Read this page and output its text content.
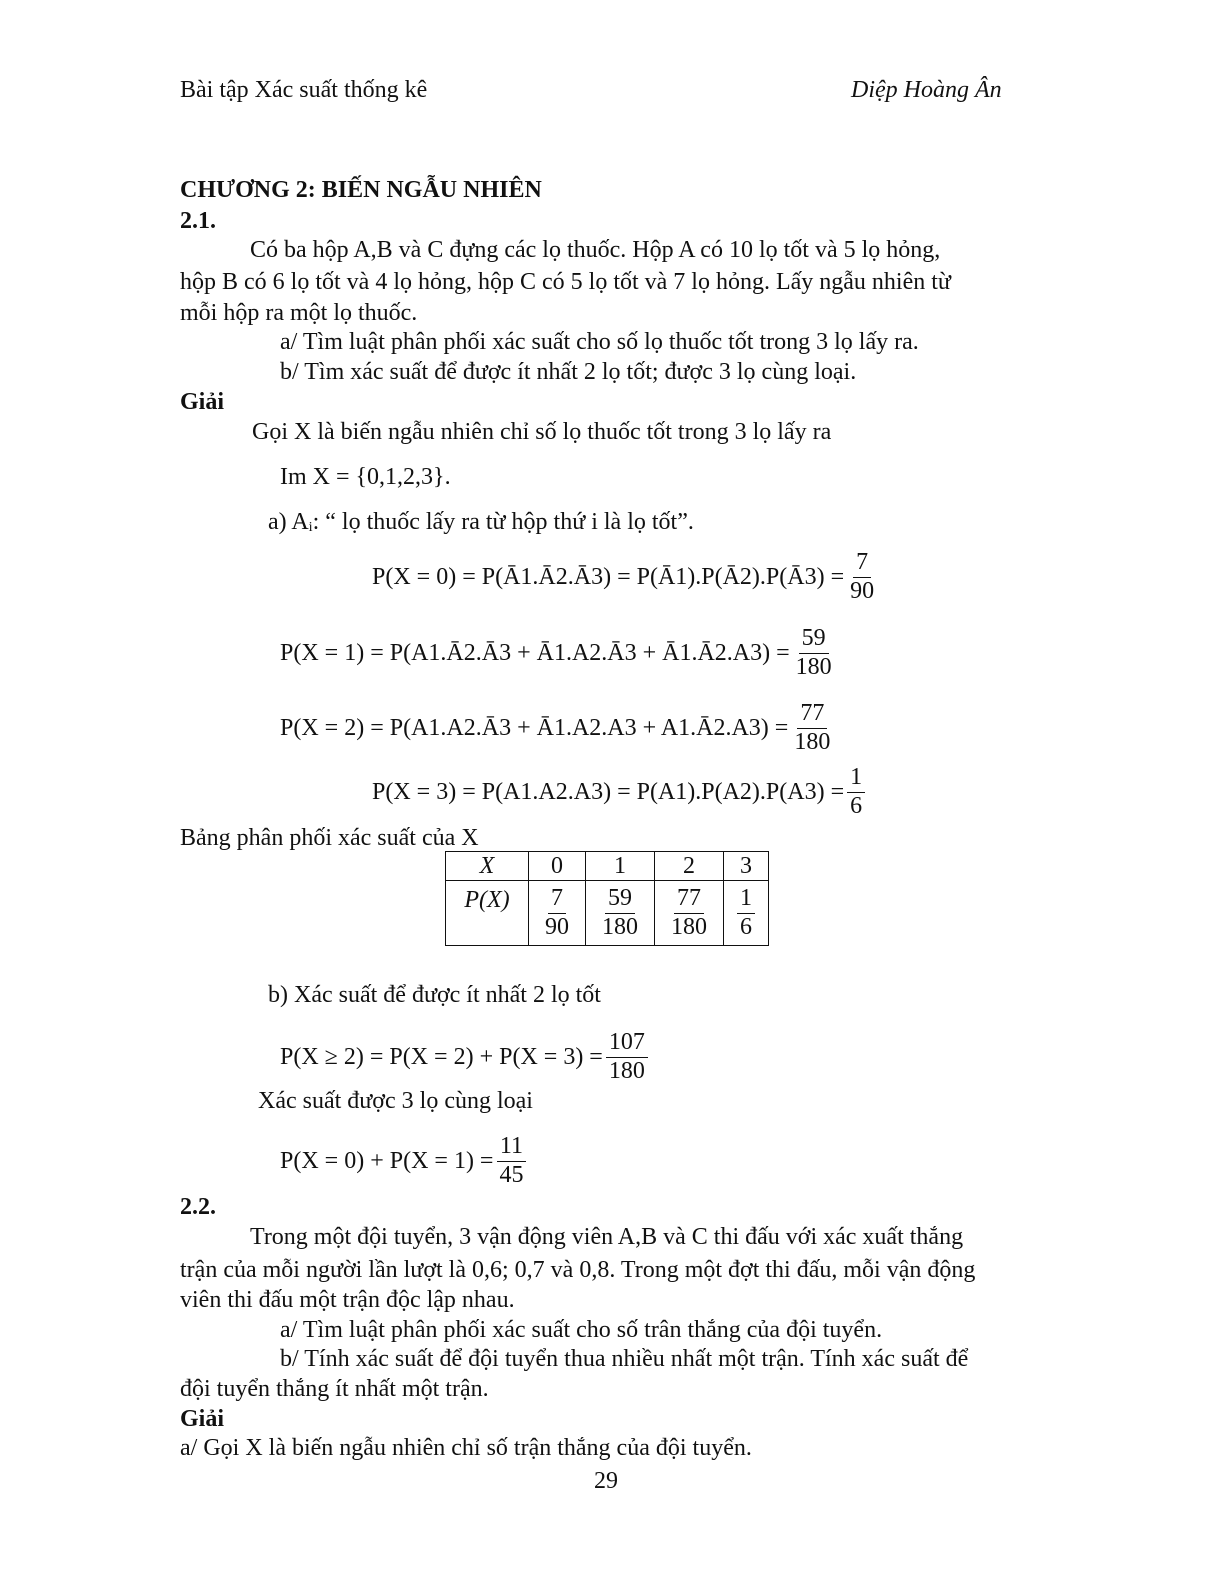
Bài tập Xác suất thống kê	Diệp Hoàng Ân
CHƯƠNG 2: BIẾN NGẪU NHIÊN
2.1.
Có ba hộp A,B và C đựng các lọ thuốc. Hộp A có 10 lọ tốt và 5 lọ hỏng,
hộp B có 6 lọ tốt và 4 lọ hỏng, hộp C có 5 lọ tốt và 7 lọ hỏng. Lấy ngẫu nhiên từ
mỗi hộp ra một lọ thuốc.
a/ Tìm luật phân phối xác suất cho số lọ thuốc tốt trong 3 lọ lấy ra.
b/ Tìm xác suất để được ít nhất 2 lọ tốt; được 3 lọ cùng loại.
Giải
Gọi X là biến ngẫu nhiên chỉ số lọ thuốc tốt trong 3 lọ lấy ra
Im X = {0,1,2,3}.
a) Aᵢ: “ lọ thuốc lấy ra từ hộp thứ i là lọ tốt”.
P(X = 0) = P(Ā1.Ā2.Ā3) = P(Ā1).P(Ā2).P(Ā3) = $\frac{7}{90}$
P(X = 1) = P(A1.Ā2.Ā3 + Ā1.A2.Ā3 + Ā1.Ā2.A3) = $\frac{59}{180}$
P(X = 2) = P(A1.A2.Ā3 + Ā1.A2.A3 + A1.Ā2.A3) = $\frac{77}{180}$
$P(X = 3) = P(A1.A2.A3) = P(A1).P(A2).P(A3) = \frac{1}{6}$
Bảng phân phối xác suất của X
X	0	1	2	3
P(X)	$\frac{7}{90}$	$\frac{59}{180}$	$\frac{77}{180}$	$\frac{1}{6}$
b) Xác suất để được ít nhất 2 lọ tốt
$P(X \ge 2) = P(X = 2) + P(X = 3) = \frac{107}{180}$
Xác suất được 3 lọ cùng loại
$P(X = 0) + P(X = 1) = \frac{11}{45}$
2.2.
Trong một đội tuyển, 3 vận động viên A,B và C thi đấu với xác xuất thắng
trận của mỗi người lần lượt là 0,6; 0,7 và 0,8. Trong một đợt thi đấu, mỗi vận động
viên thi đấu một trận độc lập nhau.
a/ Tìm luật phân phối xác suất cho số trân thắng của đội tuyển.
b/ Tính xác suất để đội tuyển thua nhiều nhất một trận. Tính xác suất để
đội tuyển thắng ít nhất một trận.
Giải
a/ Gọi X là biến ngẫu nhiên chỉ số trận thắng của đội tuyển.
29
